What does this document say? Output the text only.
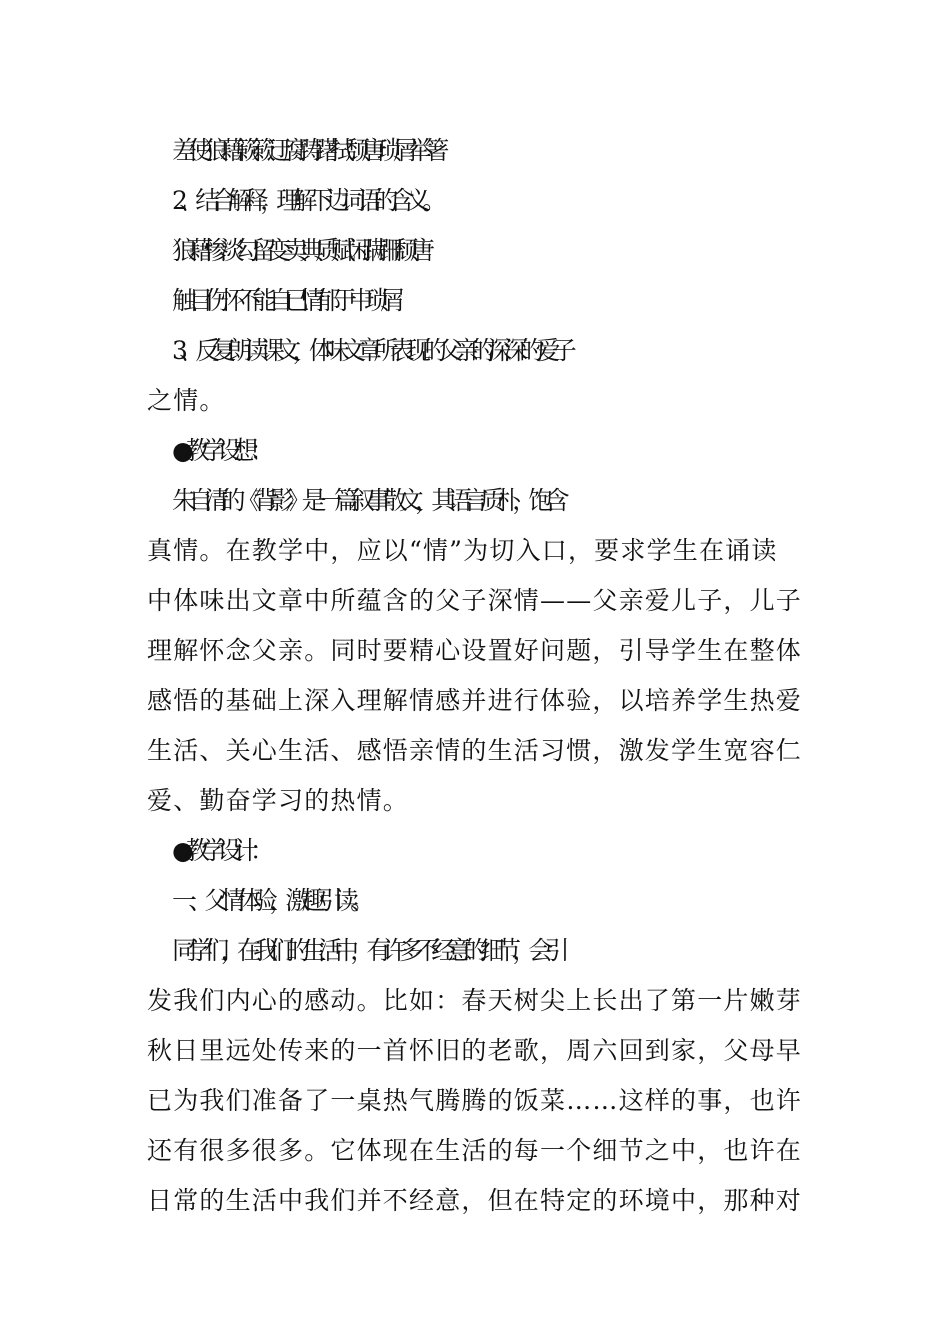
差使 狼藉 簌簌 迂腐 踌躇 拭 颓唐 琐屑 举箸
2、结合解释，理解下边词语的含义。
狼藉 惨淡 勾留 变卖典质 赋闲 蹒跚 颓唐
触目伤怀 不能自已 情郁于中 琐屑
3、反复朗读课文，体味文章所表现的父亲的深深的爱子
之情。
●教学设想：
朱自清的《背影》是一篇叙事散文，其语言质朴，饱含
真情。在教学中，应以“情”为切入口，要求学生在诵读
中体味出文章中所蕴含的父子深情——父亲爱儿子，儿子
理解怀念父亲。同时要精心设置好问题，引导学生在整体
感悟的基础上深入理解情感并进行体验，以培养学生热爱
生活、关心生活、感悟亲情的生活习惯，激发学生宽容仁
爱、勤奋学习的热情。
●教学设计：
一、父情体验，激趣引读。
同学们，在我们的生活中，有许多不经意的细节，会引
发我们内心的感动。比如：春天树尖上长出了第一片嫩芽
秋日里远处传来的一首怀旧的老歌，周六回到家，父母早
已为我们准备了一桌热气腾腾的饭菜……这样的事，也许
还有很多很多。它体现在生活的每一个细节之中，也许在
日常的生活中我们并不经意，但在特定的环境中，那种对
